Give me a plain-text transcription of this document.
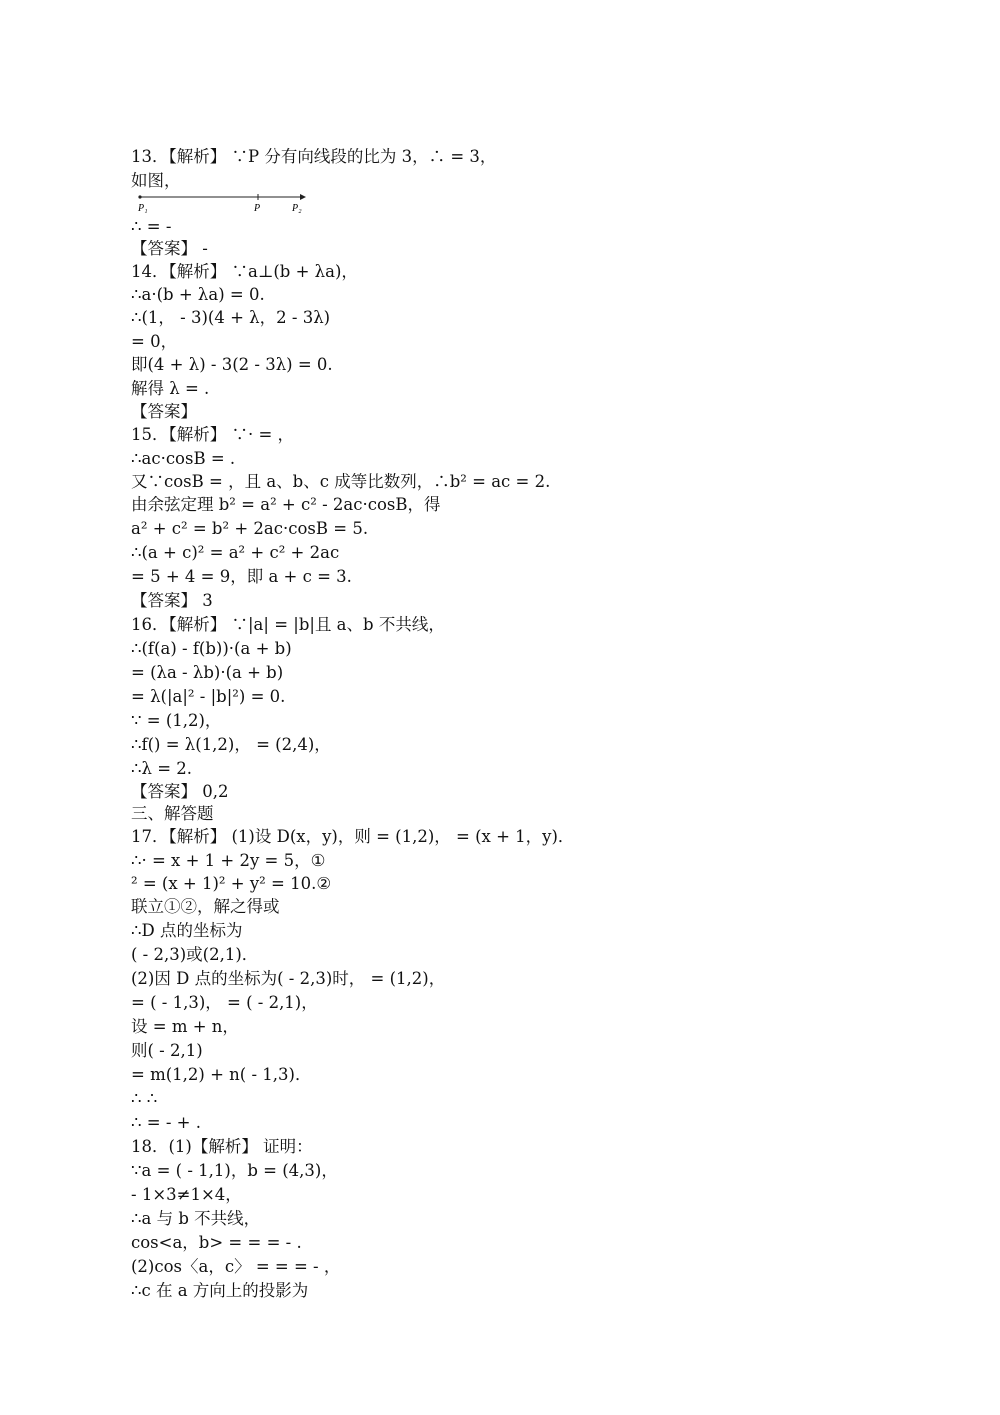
13．【解析】 ∵P 分有向线段的比为 3，∴ = 3，
如图，
P₁	P	P₂
∴ = -
【答案】 -
14．【解析】 ∵a⊥(b + λa)，
∴a·(b + λa) = 0.
∴(1， - 3)(4 + λ，2 - 3λ)
= 0，
即(4 + λ) - 3(2 - 3λ) = 0.
解得 λ = .
【答案】
15．【解析】 ∵· = ，
∴ac·cosB = .
又∵cosB = ，且 a、b、c 成等比数列，∴b² = ac = 2.
由余弦定理 b² = a² + c² - 2ac·cosB，得
a² + c² = b² + 2ac·cosB = 5.
∴(a + c)² = a² + c² + 2ac
= 5 + 4 = 9，即 a + c = 3.
【答案】 3
16．【解析】 ∵|a| = |b|且 a、b 不共线，
∴(f(a) - f(b))·(a + b)
= (λa - λb)·(a + b)
= λ(|a|² - |b|²) = 0.
∵ = (1,2)，
∴f() = λ(1,2)， = (2,4)，
∴λ = 2.
【答案】 0,2
三、解答题
17．【解析】 (1)设 D(x，y)，则 = (1,2)， = (x + 1，y)．
∴· = x + 1 + 2y = 5，①
² = (x + 1)² + y² = 10.②
联立①②，解之得或
∴D 点的坐标为
( - 2,3)或(2,1)．
(2)因 D 点的坐标为( - 2,3)时， = (1,2)，
= ( - 1,3)， = ( - 2,1)，
设 = m + n，
则( - 2,1)
= m(1,2) + n( - 1,3)．
∴ ∴
∴ = - + .
18．(1)【解析】 证明：
∵a = ( - 1,1)，b = (4,3)，
- 1×3≠1×4，
∴a 与 b 不共线，
cos<a，b> = = = - .
(2)cos〈a，c〉 = = = - ，
∴c 在 a 方向上的投影为
